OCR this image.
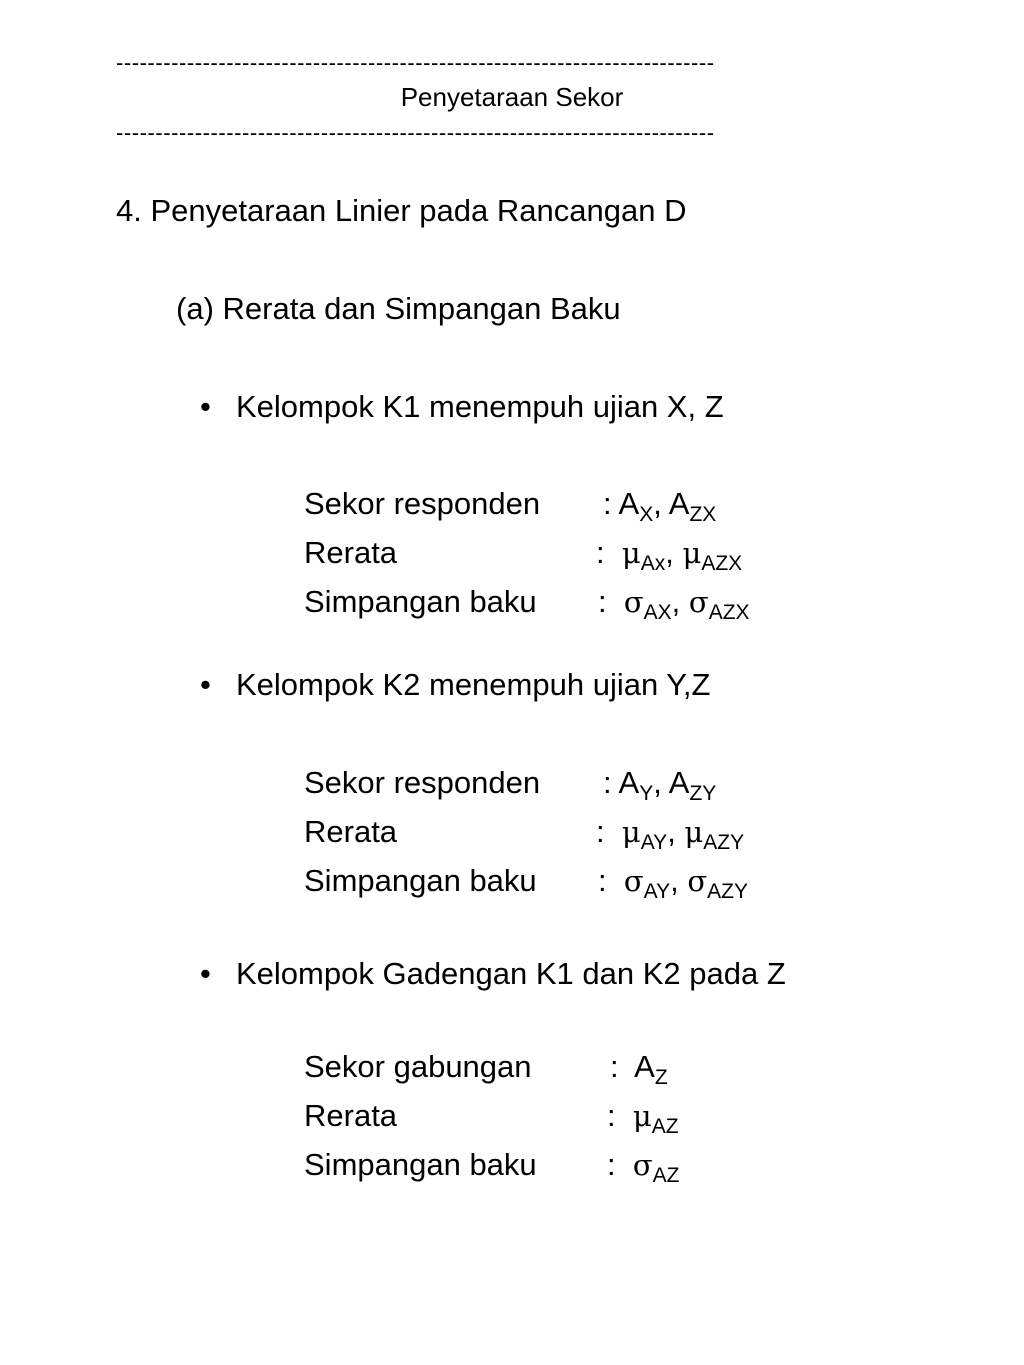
----------------------------------------------------------------------------
Penyetaraan Sekor
----------------------------------------------------------------------------
4. Penyetaraan Linier pada Rancangan D
(a) Rerata dan Simpangan Baku
• Kelompok K1 menempuh ujian X, Z
Sekor responden : $A_X$, $A_{ZX}$
Rerata	: $\mu_{Ax}$, $\mu_{AZX}$
Simpangan baku : $\sigma_{AX}$, $\sigma_{AZX}$
• Kelompok K2 menempuh ujian Y,Z
Sekor responden : $A_Y$, $A_{ZY}$
Rerata	: $\mu_{AY}$, $\mu_{AZY}$
Simpangan baku : $\sigma_{AY}$, $\sigma_{AZY}$
• Kelompok Gadengan K1 dan K2 pada Z
Sekor gabungan	: $A_Z$
Rerata	: $\mu_{AZ}$
Simpangan baku : $\sigma_{AZ}$
